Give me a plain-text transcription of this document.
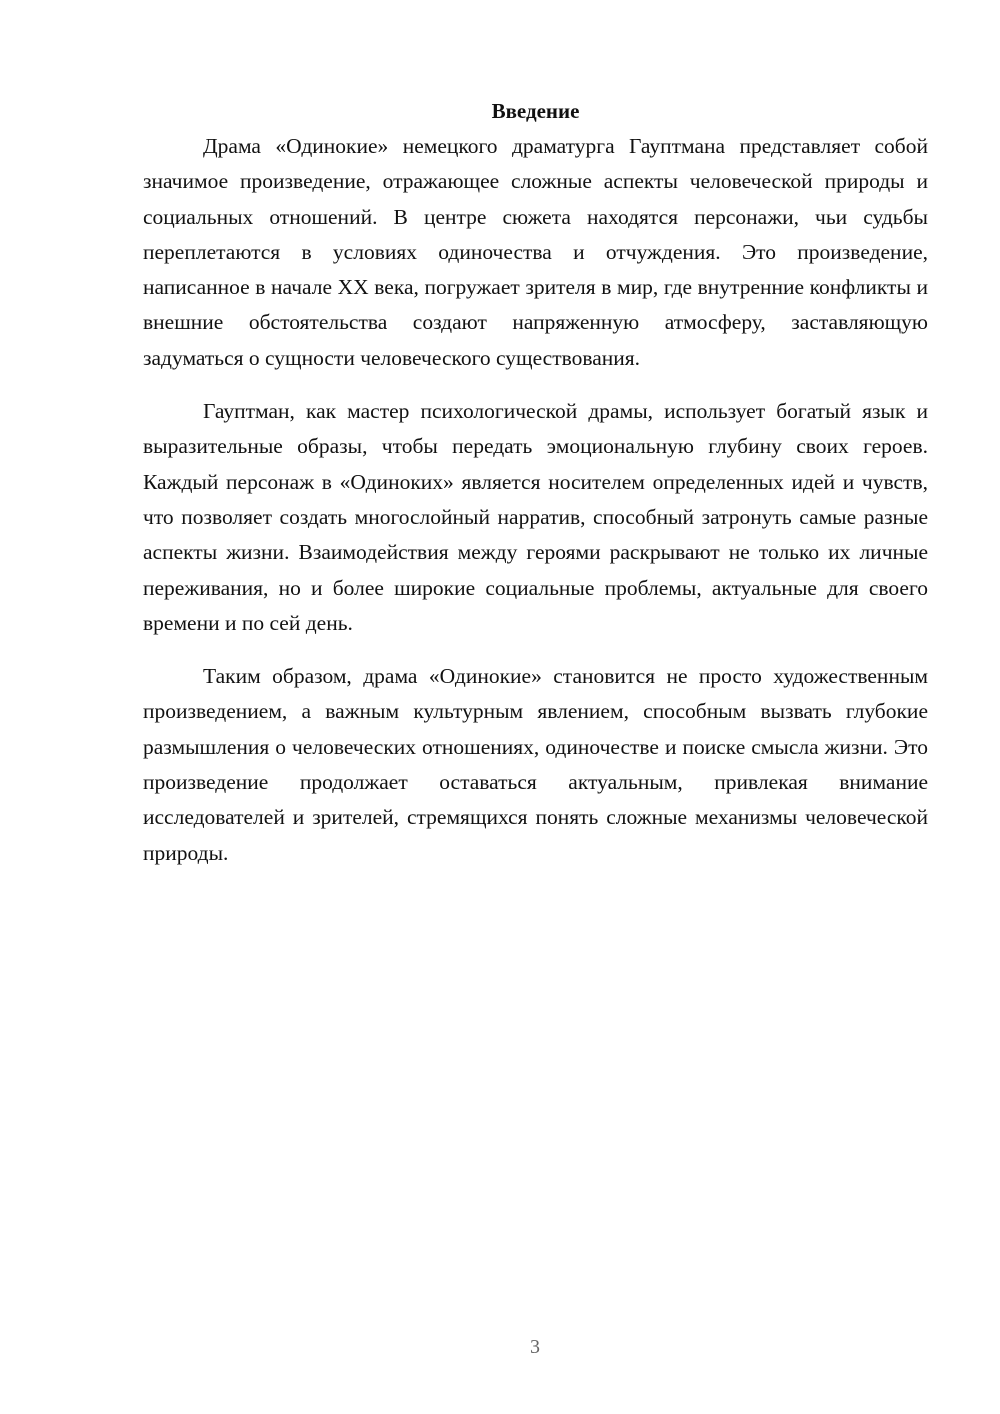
Введение

Драма «Одинокие» немецкого драматурга Гауптмана представляет собой значимое произведение, отражающее сложные аспекты человеческой природы и социальных отношений. В центре сюжета находятся персонажи, чьи судьбы переплетаются в условиях одиночества и отчуждения. Это произведение, написанное в начале XX века, погружает зрителя в мир, где внутренние конфликты и внешние обстоятельства создают напряженную атмосферу, заставляющую задуматься о сущности человеческого существования.

Гауптман, как мастер психологической драмы, использует богатый язык и выразительные образы, чтобы передать эмоциональную глубину своих героев. Каждый персонаж в «Одиноких» является носителем определенных идей и чувств, что позволяет создать многослойный нарратив, способный затронуть самые разные аспекты жизни. Взаимодействия между героями раскрывают не только их личные переживания, но и более широкие социальные проблемы, актуальные для своего времени и по сей день.

Таким образом, драма «Одинокие» становится не просто художественным произведением, а важным культурным явлением, способным вызвать глубокие размышления о человеческих отношениях, одиночестве и поиске смысла жизни. Это произведение продолжает оставаться актуальным, привлекая внимание исследователей и зрителей, стремящихся понять сложные механизмы человеческой природы.

3
